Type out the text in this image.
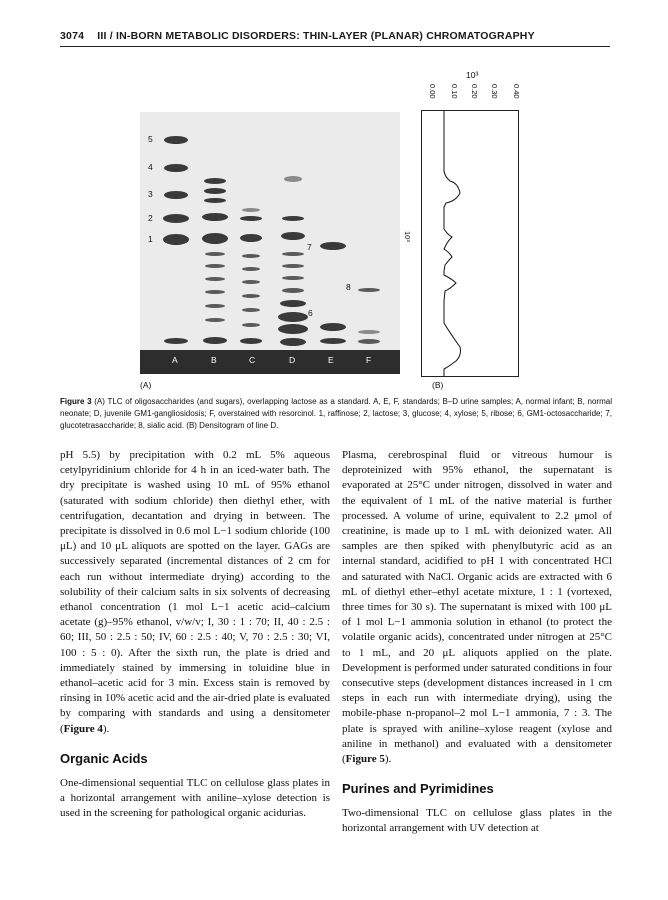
3074 III / IN-BORN METABOLIC DISORDERS: THIN-LAYER (PLANAR) CHROMATOGRAPHY
5
4
3
2
1
7
8
6
A	B	C	D	E	F
(A)
10³
0.00 0.10 0.20 0.30 0.40
10³
(B)
Figure 3 (A) TLC of oligosaccharides (and sugars), overlapping lactose as a standard. A, E, F, standards; B–D urine samples; A, normal infant; B, normal neonate; D, juvenile GM1-gangliosidosis; F, overstained with resorcinol. 1, raffinose; 2, lactose; 3, glucose; 4, xylose; 5, ribose; 6, GM1-octosaccharide; 7, glucotetrasaccharide; 8, sialic acid. (B) Densitogram of line D.

pH 5.5) by precipitation with 0.2 mL 5% aqueous cetylpyridinium chloride for 4 h in an iced-water bath. The dry precipitate is washed using 10 mL of 95% ethanol (saturated with sodium chloride) then diethyl ether, with centrifugation, decantation and drying in between. The precipitate is dissolved in 0.6 mol L−1 sodium chloride (100 μL) and 10 μL aliquots are spotted on the layer. GAGs are successively separated (incremental distances of 2 cm for each run without intermediate drying) according to the solubility of their calcium salts in six solvents of decreasing ethanol concentration (1 mol L−1 acetic acid–calcium acetate (g)–95% ethanol, v/w/v; I, 30 : 1 : 70; II, 40 : 2.5 : 60; III, 50 : 2.5 : 50; IV, 60 : 2.5 : 40; V, 70 : 2.5 : 30; VI, 100 : 5 : 0). After the sixth run, the plate is dried and immediately stained by immersing in toluidine blue in ethanol–acetic acid for 3 min. Excess stain is removed by rinsing in 10% acetic acid and the air-dried plate is evaluated by comparing with standards and using a densitometer (Figure 4).

Organic Acids

One-dimensional sequential TLC on cellulose glass plates in a horizontal arrangement with aniline–xylose detection is used in the screening for pathological organic acidurias.

Plasma, cerebrospinal fluid or vitreous humour is deproteinized with 95% ethanol, the supernatant is evaporated at 25°C under nitrogen, dissolved in water and the equivalent of 1 mL of the native material is further processed. A volume of urine, equivalent to 2.2 μmol of creatinine, is made up to 1 mL with deionized water. All samples are then spiked with phenylbutyric acid as an internal standard, acidified to pH 1 with concentrated HCl and saturated with NaCl. Organic acids are extracted with 6 mL of diethyl ether–ethyl acetate mixture, 1 : 1 (vortexed, three times for 30 s). The supernatant is mixed with 100 μL of 1 mol L−1 ammonia solution in ethanol (to protect the volatile organic acids), concentrated under nitrogen at 25°C to 1 mL, and 20 μL aliquots applied on the plate. Development is performed under saturated conditions in four consecutive steps (development distances increased in 1 cm steps in each run with intermediate drying), using the mobile-phase n-propanol–2 mol L−1 ammonia, 7 : 3. The plate is sprayed with aniline–xylose reagent (xylose and aniline in methanol) and evaluated with a densitometer (Figure 5).

Purines and Pyrimidines

Two-dimensional TLC on cellulose glass plates in the horizontal arrangement with UV detection at
